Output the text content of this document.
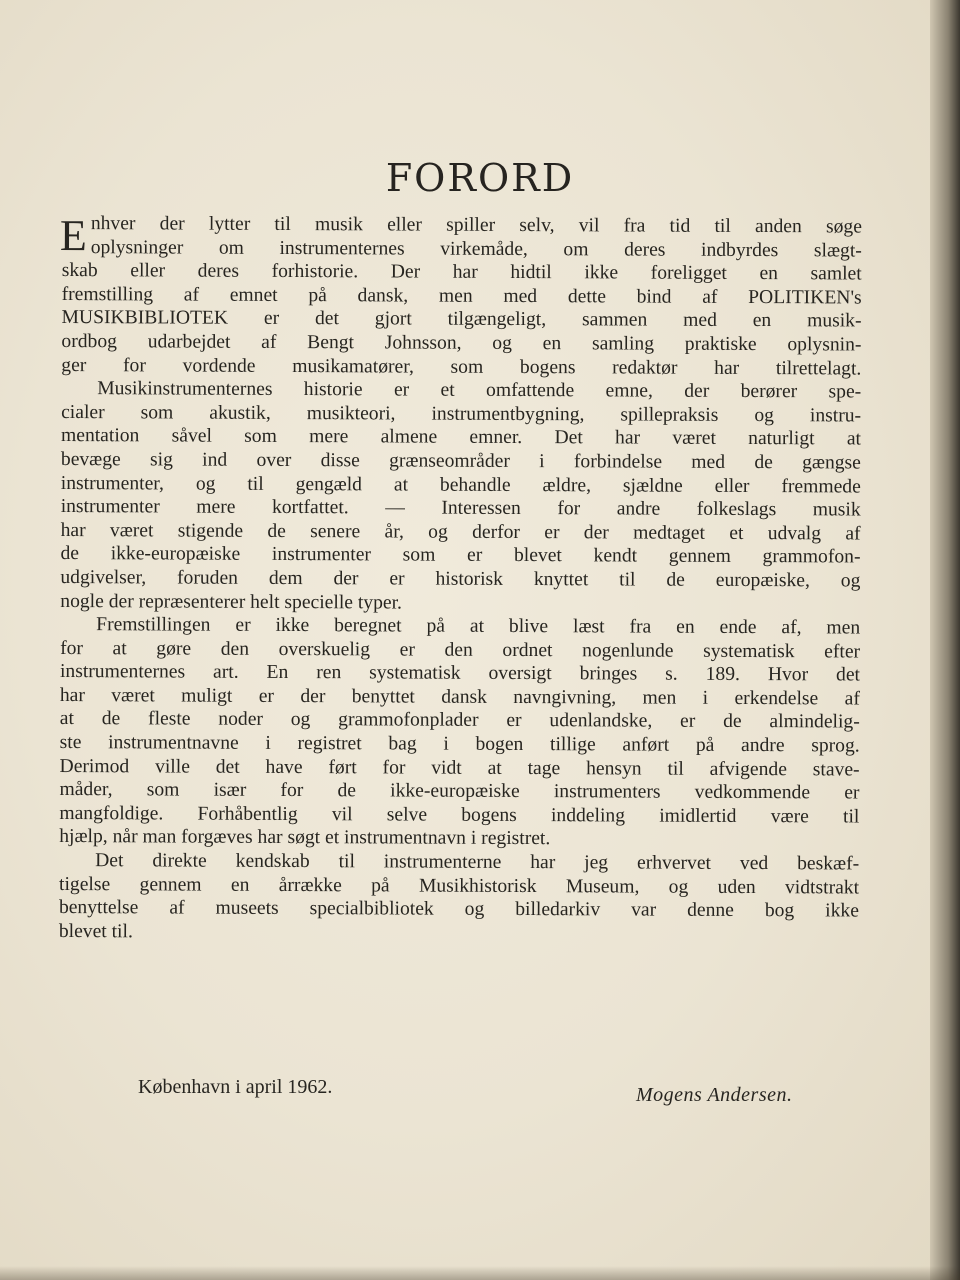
FORORD
E nhver der lytter til musik eller spiller selv, vil fra tid til anden søge
oplysninger om instrumenternes virkemåde, om deres indbyrdes slægt-
skab eller deres forhistorie. Der har hidtil ikke foreligget en samlet
fremstilling af emnet på dansk, men med dette bind af POLITIKEN's
MUSIKBIBLIOTEK er det gjort tilgængeligt, sammen med en musik-
ordbog udarbejdet af Bengt Johnsson, og en samling praktiske oplysnin-
ger for vordende musikamatører, som bogens redaktør har tilrettelagt.
Musikinstrumenternes historie er et omfattende emne, der berører spe-
cialer som akustik, musikteori, instrumentbygning, spillepraksis og instru-
mentation såvel som mere almene emner. Det har været naturligt at
bevæge sig ind over disse grænseområder i forbindelse med de gængse
instrumenter, og til gengæld at behandle ældre, sjældne eller fremmede
instrumenter mere kortfattet. — Interessen for andre folkeslags musik
har været stigende de senere år, og derfor er der medtaget et udvalg af
de ikke-europæiske instrumenter som er blevet kendt gennem grammofon-
udgivelser, foruden dem der er historisk knyttet til de europæiske, og
nogle der repræsenterer helt specielle typer.
Fremstillingen er ikke beregnet på at blive læst fra en ende af, men
for at gøre den overskuelig er den ordnet nogenlunde systematisk efter
instrumenternes art. En ren systematisk oversigt bringes s. 189. Hvor det
har været muligt er der benyttet dansk navngivning, men i erkendelse af
at de fleste noder og grammofonplader er udenlandske, er de almindelig-
ste instrumentnavne i registret bag i bogen tillige anført på andre sprog.
Derimod ville det have ført for vidt at tage hensyn til afvigende stave-
måder, som især for de ikke-europæiske instrumenters vedkommende er
mangfoldige. Forhåbentlig vil selve bogens inddeling imidlertid være til
hjælp, når man forgæves har søgt et instrumentnavn i registret.
Det direkte kendskab til instrumenterne har jeg erhvervet ved beskæf-
tigelse gennem en årrække på Musikhistorisk Museum, og uden vidtstrakt
benyttelse af museets specialbibliotek og billedarkiv var denne bog ikke
blevet til.
København i april 1962.	Mogens Andersen.
